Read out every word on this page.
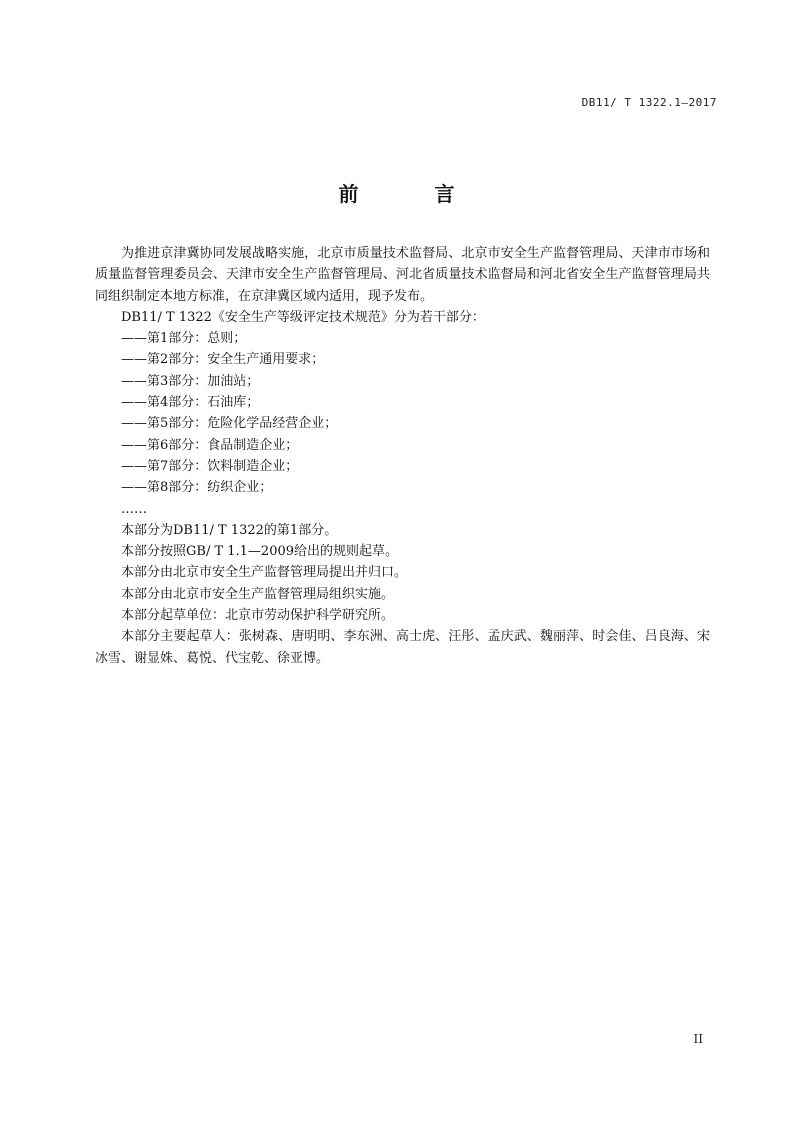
DB11/ T 1322.1—2017
前　言

为推进京津冀协同发展战略实施，北京市质量技术监督局、北京市安全生产监督管理局、天津市市场和质量监督管理委员会、天津市安全生产监督管理局、河北省质量技术监督局和河北省安全生产监督管理局共同组织制定本地方标准，在京津冀区域内适用，现予发布。

DB11/ T 1322《安全生产等级评定技术规范》分为若干部分：

——第1部分：总则；

——第2部分：安全生产通用要求；

——第3部分：加油站；

——第4部分：石油库；

——第5部分：危险化学品经营企业；

——第6部分：食品制造企业；

——第7部分：饮料制造企业；

——第8部分：纺织企业；

……

本部分为DB11/ T 1322的第1部分。

本部分按照GB/ T 1.1—2009给出的规则起草。

本部分由北京市安全生产监督管理局提出并归口。

本部分由北京市安全生产监督管理局组织实施。

本部分起草单位：北京市劳动保护科学研究所。

本部分主要起草人：张树森、唐明明、李东洲、高士虎、汪彤、孟庆武、魏丽萍、时会佳、吕良海、宋冰雪、谢显姝、葛悦、代宝乾、徐亚博。

II
